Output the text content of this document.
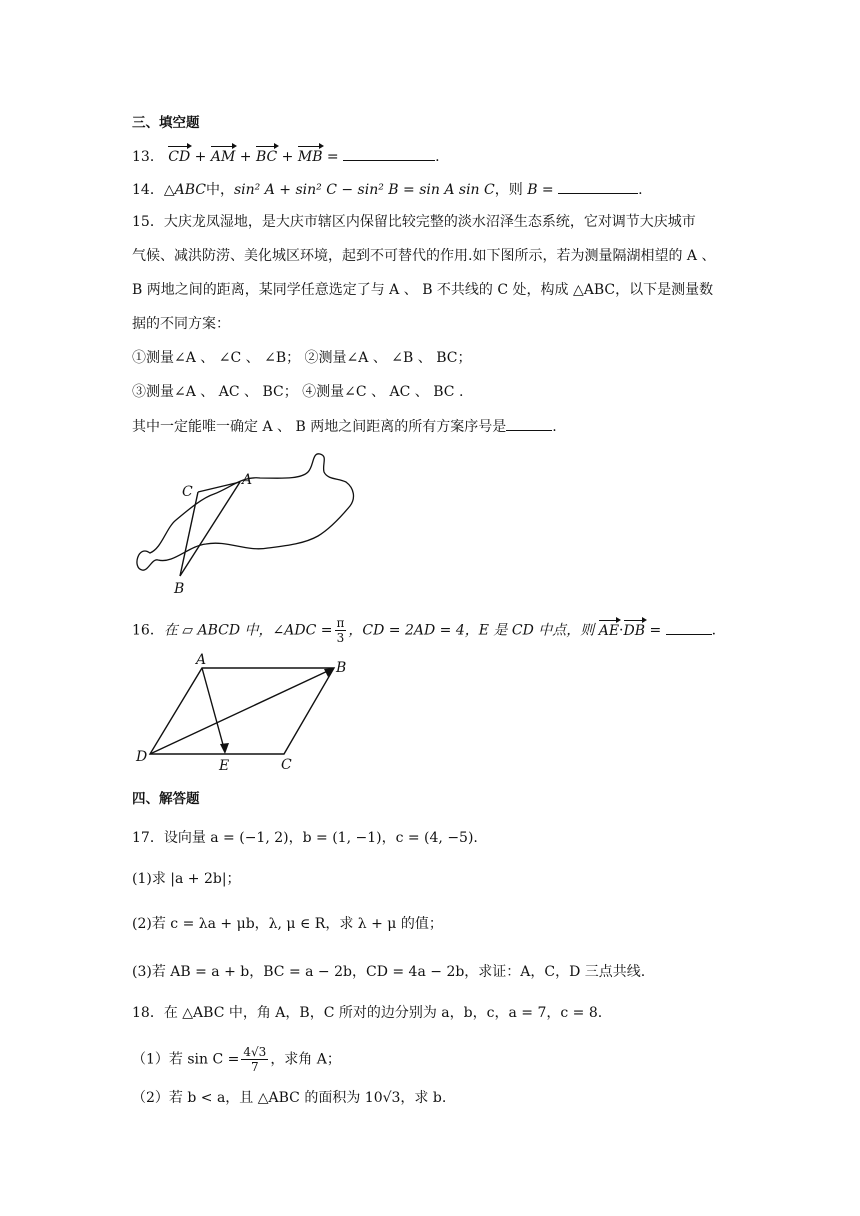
三、填空题
13． CD + AM + BC + MB =	.
14．△ABC中，sin² A + sin² C − sin² B = sin A sin C，则 B =	.
15．大庆龙凤湿地，是大庆市辖区内保留比较完整的淡水沼泽生态系统，它对调节大庆城市
气候、减洪防涝、美化城区环境，起到不可替代的作用.如下图所示，若为测量隔湖相望的 A 、
B 两地之间的距离，某同学任意选定了与 A 、 B 不共线的 C 处，构成 △ABC，以下是测量数
据的不同方案：
①测量∠A 、 ∠C 、 ∠B； ②测量∠A 、 ∠B 、 BC；
③测量∠A 、 AC 、 BC； ④测量∠C 、 AC 、 BC .
其中一定能唯一确定 A 、 B 两地之间距离的所有方案序号是	.
C
A
B
16．在 ▱ ABCD 中，∠ADC = $\frac{\pi}{3}$ ，CD = 2AD = 4，E 是 CD 中点，则 AE·DB =	.
A	B
C
D
E
四、解答题
17．设向量 a = (−1, 2)，b = (1, −1)，c = (4, −5).
(1)求 |a + 2b|；
(2)若 c = λa + μb，λ, μ ∈ R，求 λ + μ 的值；
(3)若 AB = a + b，BC = a − 2b，CD = 4a − 2b，求证：A，C，D 三点共线.
18．在 △ABC 中，角 A，B，C 所对的边分别为 a，b，c，a = 7，c = 8.
（1）若 $\sin C = \frac{4√3}{7}$ ，求角 A；
（2）若 b < a，且 △ABC 的面积为 10√3，求 b.
